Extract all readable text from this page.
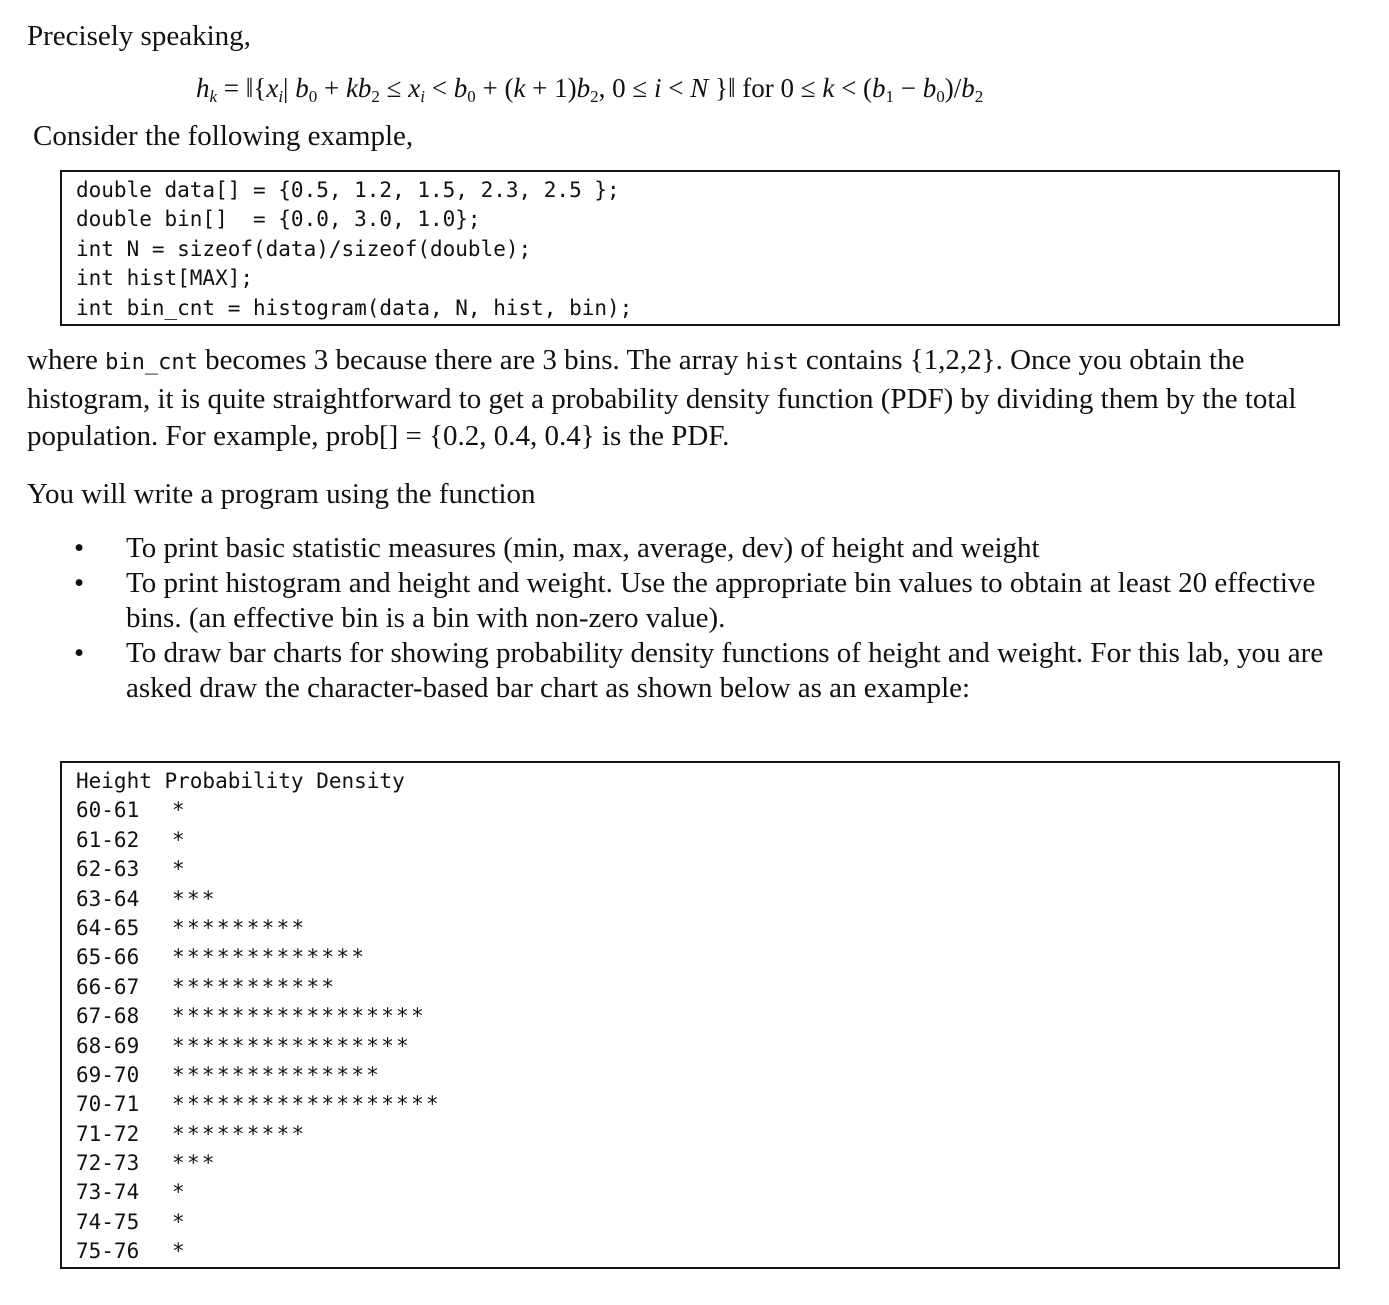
Precisely speaking,
$h_k$ = $‖\{x_i|$ $b_0 + kb_2 \le x_i < b_0 + (k + 1)b_2$, 0 ≤ i < N }‖ for $0 \le k < (b_1 - b_0)/b_2$
Consider the following example,
double data[] = {0.5, 1.2, 1.5, 2.3, 2.5 };
double bin[]  = {0.0, 3.0, 1.0};
int N = sizeof(data)/sizeof(double);
int hist[MAX];
int bin_cnt = histogram(data, N, hist, bin);
where bin_cnt becomes 3 because there are 3 bins. The array hist contains {1,2,2}. Once you obtain the histogram, it is quite straightforward to get a probability density function (PDF) by dividing them by the total population. For example, prob[] = {0.2, 0.4, 0.4} is the PDF.
You will write a program using the function
• To print basic statistic measures (min, max, average, dev) of height and weight
• To print histogram and height and weight. Use the appropriate bin values to obtain at least 20 effective bins. (an effective bin is a bin with non-zero value).
• To draw bar charts for showing probability density functions of height and weight. For this lab, you are asked draw the character-based bar chart as shown below as an example:
Height Probability Density
60-61	*
61-62	*
62-63	*
63-64	***
64-65	*********
65-66	*************
66-67	***********
67-68	*****************
68-69	****************
69-70	**************
70-71	******************
71-72	*********
72-73	***
73-74	*
74-75	*
75-76	*
